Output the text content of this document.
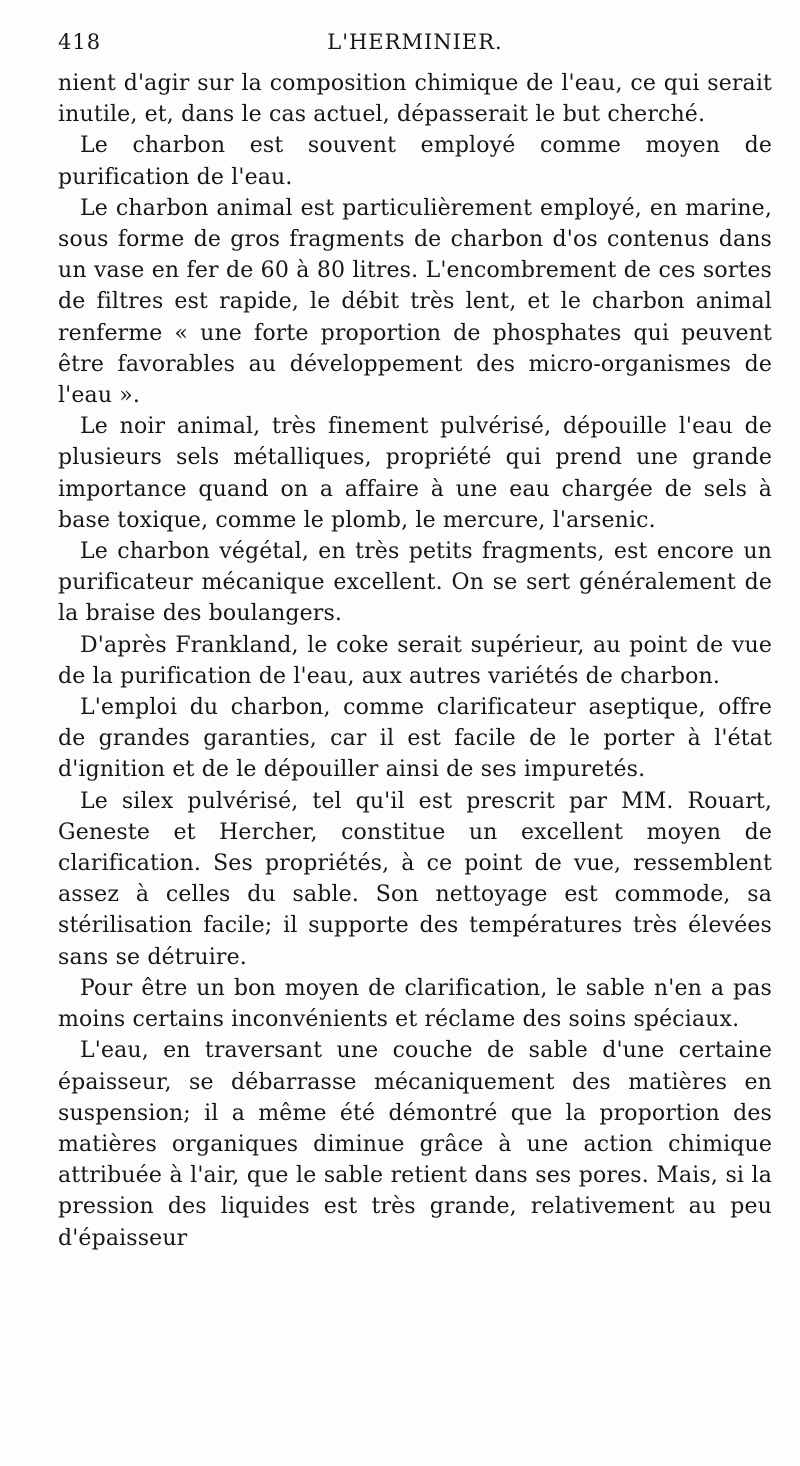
418	L'HERMINIER.

nient d'agir sur la composition chimique de l'eau, ce qui serait inutile, et, dans le cas actuel, dépasserait le but cherché.

Le charbon est souvent employé comme moyen de purification de l'eau.

Le charbon animal est particulièrement employé, en marine, sous forme de gros fragments de charbon d'os contenus dans un vase en fer de 60 à 80 litres. L'encombrement de ces sortes de filtres est rapide, le débit très lent, et le charbon animal renferme « une forte proportion de phosphates qui peuvent être favorables au développement des micro-organismes de l'eau ».

Le noir animal, très finement pulvérisé, dépouille l'eau de plusieurs sels métalliques, propriété qui prend une grande importance quand on a affaire à une eau chargée de sels à base toxique, comme le plomb, le mercure, l'arsenic.

Le charbon végétal, en très petits fragments, est encore un purificateur mécanique excellent. On se sert généralement de la braise des boulangers.

D'après Frankland, le coke serait supérieur, au point de vue de la purification de l'eau, aux autres variétés de charbon.

L'emploi du charbon, comme clarificateur aseptique, offre de grandes garanties, car il est facile de le porter à l'état d'ignition et de le dépouiller ainsi de ses impuretés.

Le silex pulvérisé, tel qu'il est prescrit par MM. Rouart, Geneste et Hercher, constitue un excellent moyen de clarification. Ses propriétés, à ce point de vue, ressemblent assez à celles du sable. Son nettoyage est commode, sa stérilisation facile; il supporte des températures très élevées sans se détruire.

Pour être un bon moyen de clarification, le sable n'en a pas moins certains inconvénients et réclame des soins spéciaux.

L'eau, en traversant une couche de sable d'une certaine épaisseur, se débarrasse mécaniquement des matières en suspension; il a même été démontré que la proportion des matières organiques diminue grâce à une action chimique attribuée à l'air, que le sable retient dans ses pores. Mais, si la pression des liquides est très grande, relativement au peu d'épaisseur
